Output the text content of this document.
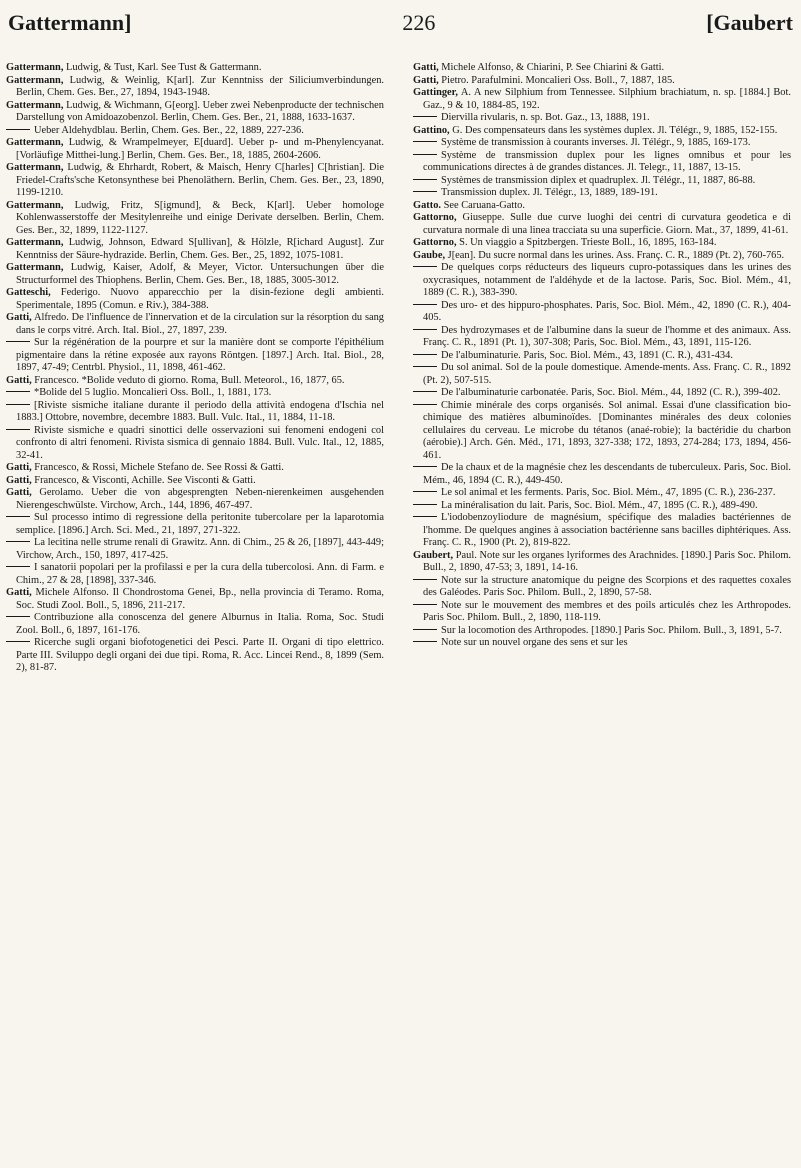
Gattermann]	226	[Gaubert

Gattermann, Ludwig, & Tust, Karl. See Tust & Gattermann.

Gattermann, Ludwig, & Weinlig, K[arl]. Zur Kenntniss der Siliciumverbindungen. Berlin, Chem. Ges. Ber., 27, 1894, 1943-1948.

Gattermann, Ludwig, & Wichmann, G[eorg]. Ueber zwei Nebenproducte der technischen Darstellung von Amidoazobenzol. Berlin, Chem. Ges. Ber., 21, 1888, 1633-1637.

Ueber Aldehydblau. Berlin, Chem. Ges. Ber., 22, 1889, 227-236.

Gattermann, Ludwig, & Wrampelmeyer, E[duard]. Ueber p- und m-Phenylencyanat. [Vorläufige Mitthei-lung.] Berlin, Chem. Ges. Ber., 18, 1885, 2604-2606.

Gattermann, Ludwig, & Ehrhardt, Robert, & Maisch, Henry C[harles] C[hristian]. Die Friedel-Crafts'sche Ketonsynthese bei Phenoläthern. Berlin, Chem. Ges. Ber., 23, 1890, 1199-1210.

Gattermann, Ludwig, Fritz, S[igmund], & Beck, K[arl]. Ueber homologe Kohlenwasserstoffe der Mesitylenreihe und einige Derivate derselben. Berlin, Chem. Ges. Ber., 32, 1899, 1122-1127.

Gattermann, Ludwig, Johnson, Edward S[ullivan], & Hölzle, R[ichard August]. Zur Kenntniss der Säure-hydrazide. Berlin, Chem. Ges. Ber., 25, 1892, 1075-1081.

Gattermann, Ludwig, Kaiser, Adolf, & Meyer, Victor. Untersuchungen über die Structurformel des Thiophens. Berlin, Chem. Ges. Ber., 18, 1885, 3005-3012.

Gatteschi, Federigo. Nuovo apparecchio per la disin-fezione degli ambienti. Sperimentale, 1895 (Comun. e Riv.), 384-388.

Gatti, Alfredo. De l'influence de l'innervation et de la circulation sur la résorption du sang dans le corps vitré. Arch. Ital. Biol., 27, 1897, 239.

Sur la régénération de la pourpre et sur la manière dont se comporte l'épithélium pigmentaire dans la rétine exposée aux rayons Röntgen. [1897.] Arch. Ital. Biol., 28, 1897, 47-49; Centrbl. Physiol., 11, 1898, 461-462.

Gatti, Francesco. *Bolide veduto di giorno. Roma, Bull. Meteorol., 16, 1877, 65.

*Bolide del 5 luglio. Moncalieri Oss. Boll., 1, 1881, 173.

[Riviste sismiche italiane durante il periodo della attività endogena d'Ischia nel 1883.] Ottobre, novembre, decembre 1883. Bull. Vulc. Ital., 11, 1884, 11-18.

Riviste sismiche e quadri sinottici delle osservazioni sui fenomeni endogeni col confronto di altri fenomeni. Rivista sismica di gennaio 1884. Bull. Vulc. Ital., 12, 1885, 32-41.

Gatti, Francesco, & Rossi, Michele Stefano de. See Rossi & Gatti.

Gatti, Francesco, & Visconti, Achille. See Visconti & Gatti.

Gatti, Gerolamo. Ueber die von abgesprengten Neben-nierenkeimen ausgehenden Nierengeschwülste. Virchow, Arch., 144, 1896, 467-497.

Sul processo intimo di regressione della peritonite tubercolare per la laparotomia semplice. [1896.] Arch. Sci. Med., 21, 1897, 271-322.

La lecitina nelle strume renali di Grawitz. Ann. di Chim., 25 & 26, [1897], 443-449; Virchow, Arch., 150, 1897, 417-425.

I sanatorii popolari per la profilassi e per la cura della tubercolosi. Ann. di Farm. e Chim., 27 & 28, [1898], 337-346.

Gatti, Michele Alfonso. Il Chondrostoma Genei, Bp., nella provincia di Teramo. Roma, Soc. Studi Zool. Boll., 5, 1896, 211-217.

Contribuzione alla conoscenza del genere Alburnus in Italia. Roma, Soc. Studi Zool. Boll., 6, 1897, 161-176.

Ricerche sugli organi biofotogenetici dei Pesci. Parte II. Organi di tipo elettrico. Parte III. Sviluppo degli organi dei due tipi. Roma, R. Acc. Lincei Rend., 8, 1899 (Sem. 2), 81-87.

Gatti, Michele Alfonso, & Chiarini, P. See Chiarini & Gatti.

Gatti, Pietro. Parafulmini. Moncalieri Oss. Boll., 7, 1887, 185.

Gattinger, A. A new Silphium from Tennessee. Silphium brachiatum, n. sp. [1884.] Bot. Gaz., 9 & 10, 1884-85, 192.

Diervilla rivularis, n. sp. Bot. Gaz., 13, 1888, 191.

Gattino, G. Des compensateurs dans les systèmes duplex. Jl. Télégr., 9, 1885, 152-155.

Système de transmission à courants inverses. Jl. Télégr., 9, 1885, 169-173.

Système de transmission duplex pour les lignes omnibus et pour les communications directes à de grandes distances. Jl. Telegr., 11, 1887, 13-15.

Systèmes de transmission diplex et quadruplex. Jl. Télégr., 11, 1887, 86-88.

Transmission duplex. Jl. Télégr., 13, 1889, 189-191.

Gatto. See Caruana-Gatto.

Gattorno, Giuseppe. Sulle due curve luoghi dei centri di curvatura geodetica e di curvatura normale di una linea tracciata su una superficie. Giorn. Mat., 37, 1899, 41-61.

Gattorno, S. Un viaggio a Spitzbergen. Trieste Boll., 16, 1895, 163-184.

Gaube, J[ean]. Du sucre normal dans les urines. Ass. Franç. C. R., 1889 (Pt. 2), 760-765.

De quelques corps réducteurs des liqueurs cupro-potassiques dans les urines des oxycrasiques, notamment de l'aldéhyde et de la lactose. Paris, Soc. Biol. Mém., 41, 1889 (C. R.), 383-390.

Des uro- et des hippuro-phosphates. Paris, Soc. Biol. Mém., 42, 1890 (C. R.), 404-405.

Des hydrozymases et de l'albumine dans la sueur de l'homme et des animaux. Ass. Franç. C. R., 1891 (Pt. 1), 307-308; Paris, Soc. Biol. Mém., 43, 1891, 115-126.

De l'albuminaturie. Paris, Soc. Biol. Mém., 43, 1891 (C. R.), 431-434.

Du sol animal. Sol de la poule domestique. Amende-ments. Ass. Franç. C. R., 1892 (Pt. 2), 507-515.

De l'albuminaturie carbonatée. Paris, Soc. Biol. Mém., 44, 1892 (C. R.), 399-402.

Chimie minérale des corps organisés. Sol animal. Essai d'une classification bio-chimique des matières albuminoïdes. [Dominantes minérales des deux colonies cellulaires du cerveau. Le microbe du tétanos (anaé-robie); la bactéridie du charbon (aérobie).] Arch. Gén. Méd., 171, 1893, 327-338; 172, 1893, 274-284; 173, 1894, 456-461.

De la chaux et de la magnésie chez les descendants de tuberculeux. Paris, Soc. Biol. Mém., 46, 1894 (C. R.), 449-450.

Le sol animal et les ferments. Paris, Soc. Biol. Mém., 47, 1895 (C. R.), 236-237.

La minéralisation du lait. Paris, Soc. Biol. Mém., 47, 1895 (C. R.), 489-490.

L'iodobenzoyliodure de magnésium, spécifique des maladies bactériennes de l'homme. De quelques angines à association bactérienne sans bacilles diphtériques. Ass. Franç. C. R., 1900 (Pt. 2), 819-822.

Gaubert, Paul. Note sur les organes lyriformes des Arachnides. [1890.] Paris Soc. Philom. Bull., 2, 1890, 47-53; 3, 1891, 14-16.

Note sur la structure anatomique du peigne des Scorpions et des raquettes coxales des Galéodes. Paris Soc. Philom. Bull., 2, 1890, 57-58.

Note sur le mouvement des membres et des poils articulés chez les Arthropodes. Paris Soc. Philom. Bull., 2, 1890, 118-119.

Sur la locomotion des Arthropodes. [1890.] Paris Soc. Philom. Bull., 3, 1891, 5-7.

Note sur un nouvel organe des sens et sur les
